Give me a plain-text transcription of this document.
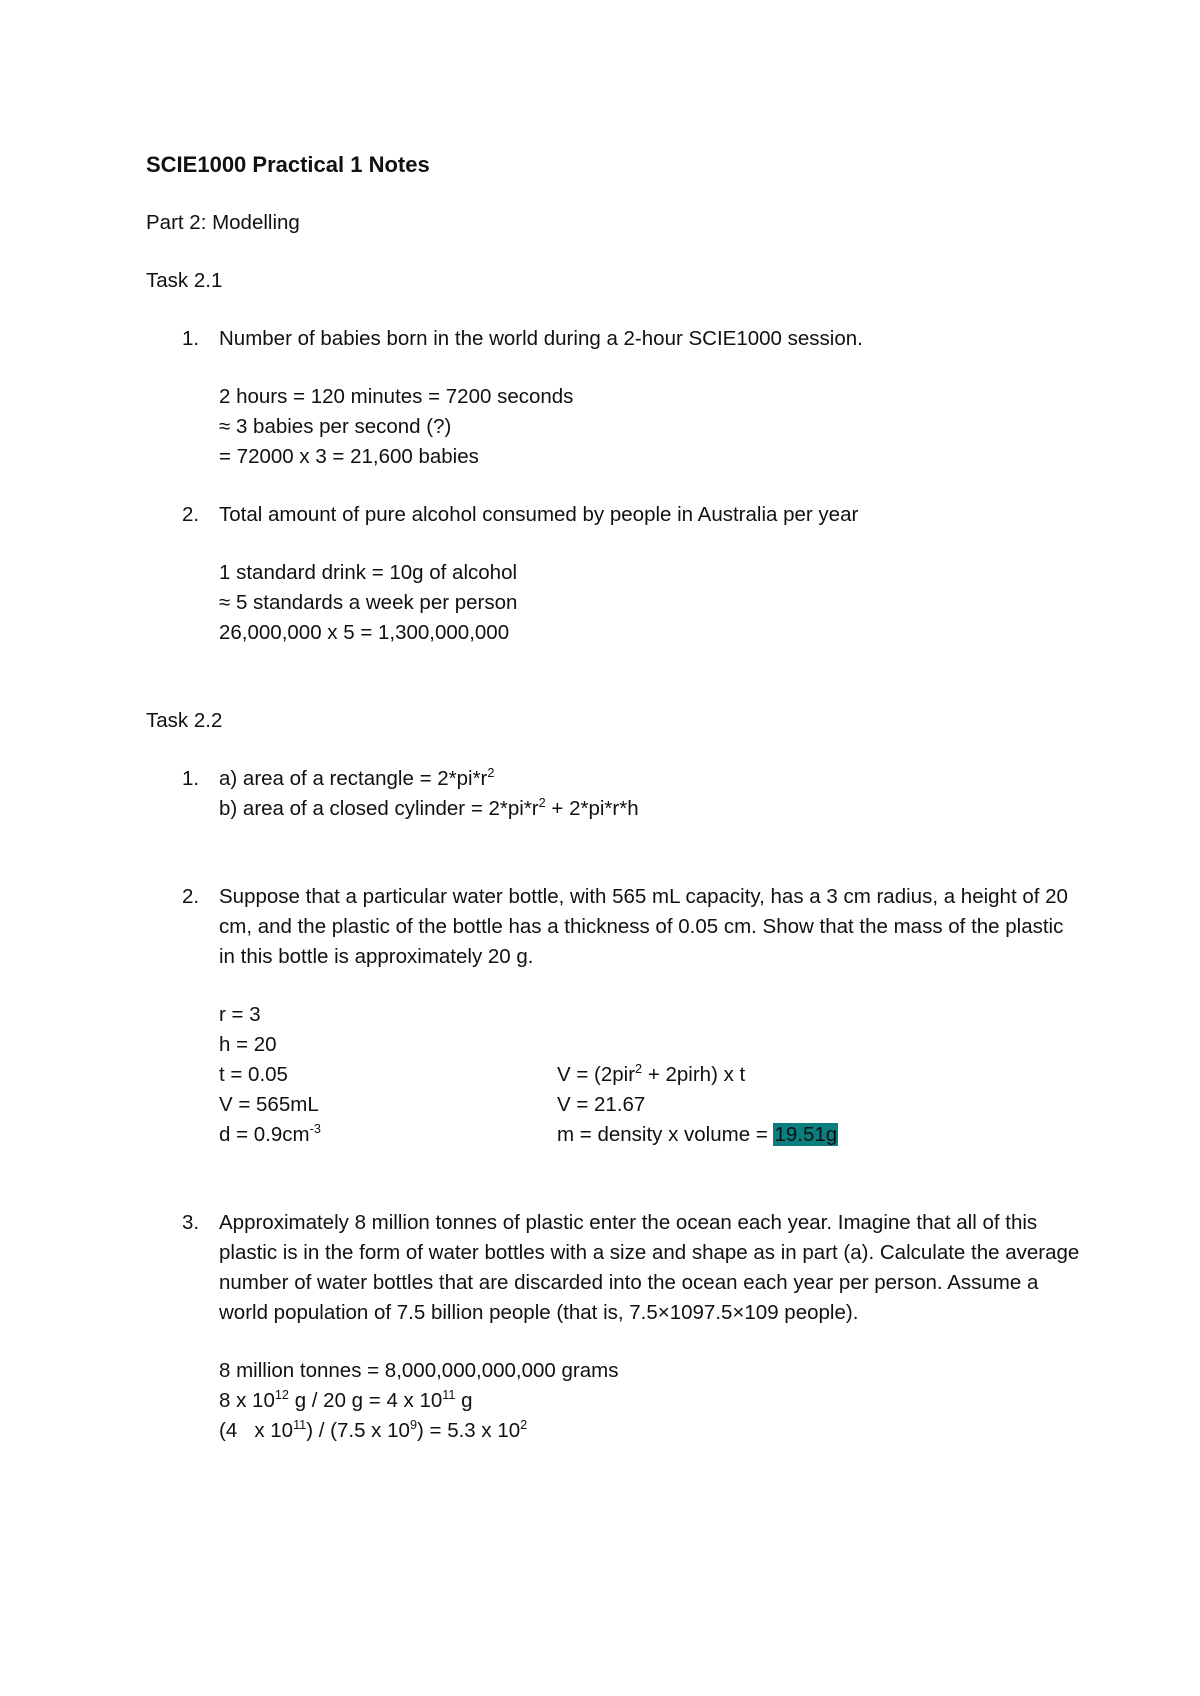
SCIE1000 Practical 1 Notes
Part 2: Modelling
Task 2.1
1. Number of babies born in the world during a 2-hour SCIE1000 session.
2 hours = 120 minutes = 7200 seconds
≈ 3 babies per second (?)
= 72000 x 3 = 21,600 babies
2. Total amount of pure alcohol consumed by people in Australia per year
1 standard drink = 10g of alcohol
≈ 5 standards a week per person
26,000,000 x 5 = 1,300,000,000
Task 2.2
1. a) area of a rectangle = $2*pi*r^2$
b) area of a closed cylinder = $2*pi*r^2 + 2*pi*r*h$
2. Suppose that a particular water bottle, with 565 mL capacity, has a 3 cm radius, a height of 20 cm, and the plastic of the bottle has a thickness of 0.05 cm. Show that the mass of the plastic in this bottle is approximately 20 g.
r = 3
h = 20
t = 0.05	V = (2pir$^2$ + 2pirh) x t
V = 565mL	V = 21.67
$d = 0.9cm^{-3}$	m = density x volume = 19.51g
3. Approximately 8 million tonnes of plastic enter the ocean each year. Imagine that all of this plastic is in the form of water bottles with a size and shape as in part (a). Calculate the average number of water bottles that are discarded into the ocean each year per person. Assume a world population of 7.5 billion people (that is, 7.5×1097.5×109 people).
8 million tonnes = 8,000,000,000,000 grams
8 x $10^{12}$ g / 20 g = 4 x $10^{11}$ g
(4   x $10^{11}) / (7.5$ x $10^9) = 5.3$ x $10^2$
